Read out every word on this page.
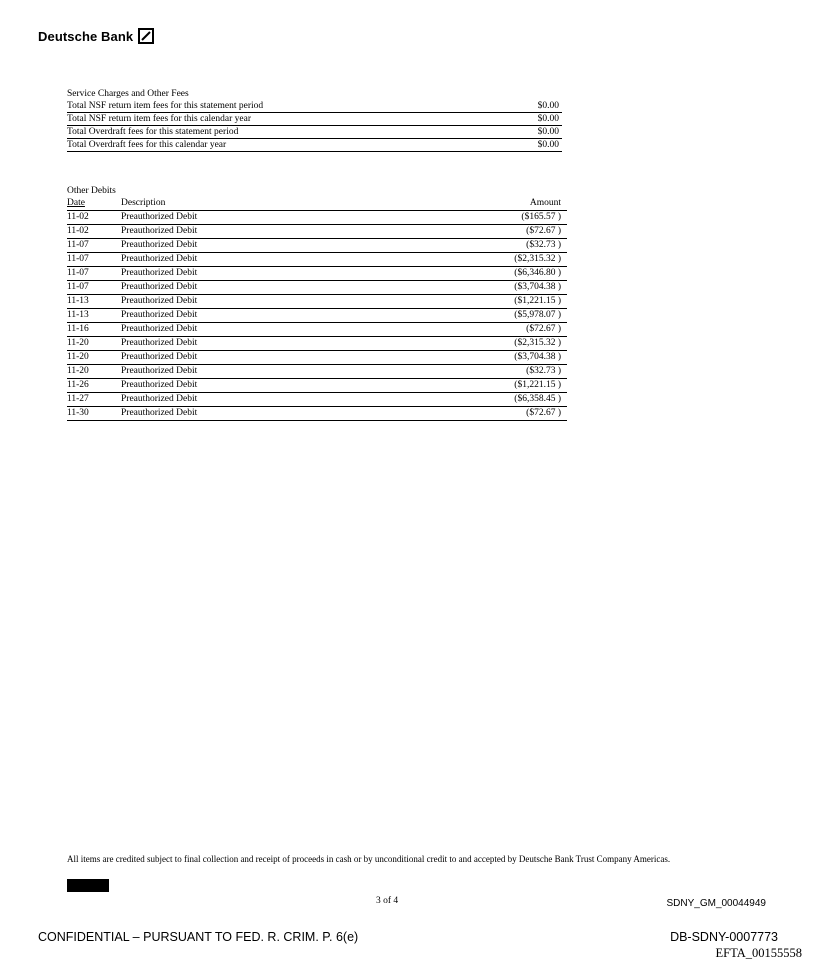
Deutsche Bank
Service Charges and Other Fees
Total NSF return item fees for this statement period	$0.00
Total NSF return item fees for this calendar year	$0.00
Total Overdraft fees for this statement period	$0.00
Total Overdraft fees for this calendar year	$0.00
Other Debits
Date	Description	Amount
11-02	Preauthorized Debit	($165.57 )
11-02	Preauthorized Debit	($72.67 )
11-07	Preauthorized Debit	($32.73 )
11-07	Preauthorized Debit	($2,315.32 )
11-07	Preauthorized Debit	($6,346.80 )
11-07	Preauthorized Debit	($3,704.38 )
11-13	Preauthorized Debit	($1,221.15 )
11-13	Preauthorized Debit	($5,978.07 )
11-16	Preauthorized Debit	($72.67 )
11-20	Preauthorized Debit	($2,315.32 )
11-20	Preauthorized Debit	($3,704.38 )
11-20	Preauthorized Debit	($32.73 )
11-26	Preauthorized Debit	($1,221.15 )
11-27	Preauthorized Debit	($6,358.45 )
11-30	Preauthorized Debit	($72.67 )
All items are credited subject to final collection and receipt of proceeds in cash or by unconditional credit to and accepted by Deutsche Bank Trust Company Americas.
3 of 4	SDNY_GM_00044949
CONFIDENTIAL – PURSUANT TO FED. R. CRIM. P. 6(e)	DB-SDNY-0007773
EFTA_00155558
